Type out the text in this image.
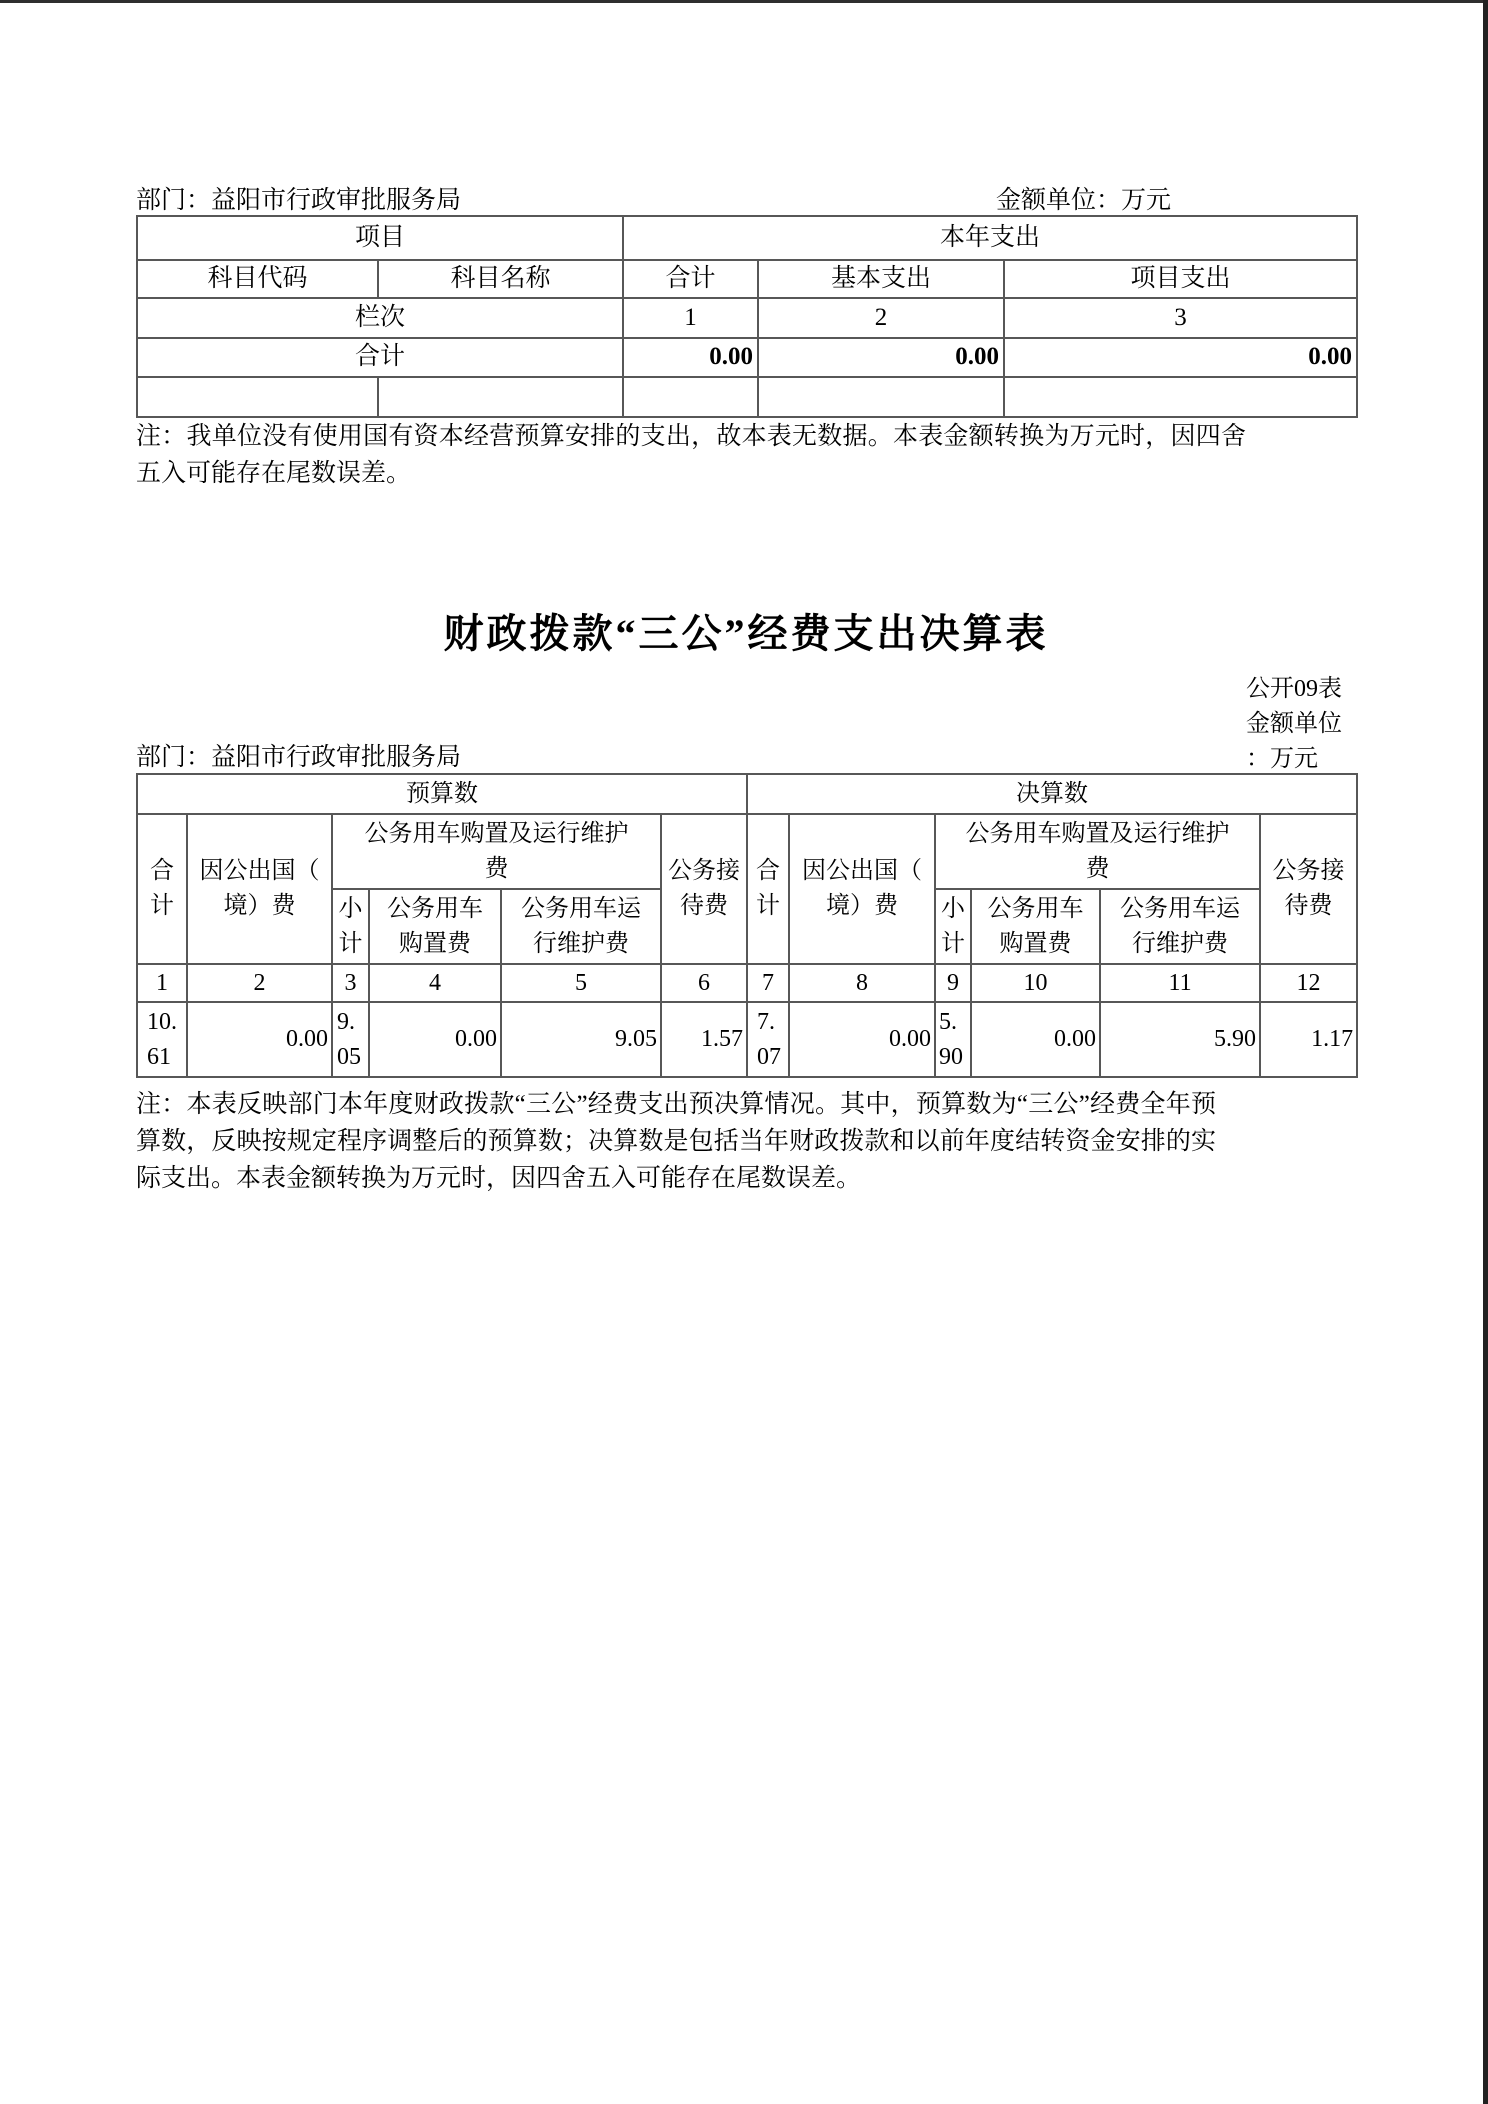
部门：益阳市行政审批服务局	金额单位：万元
项目		本年支出		
科目代码	科目名称	合计	基本支出	项目支出
栏次		1	2	3
合计		0.00	0.00	0.00

注：我单位没有使用国有资本经营预算安排的支出，故本表无数据。本表金额转换为万元时，因四舍五入可能存在尾数误差。
财政拨款“三公”经费支出决算表
公开09表
金额单位：万元
部门：益阳市行政审批服务局
预算数						决算数					
合计	因公出国（境）费	公务用车购置及运行维护费			公务接待费	合计	因公出国（境）费	公务用车购置及运行维护费			公务接待费
		小计	公务用车购置费	公务用车运行维护费				小计	公务用车购置费	公务用车运行维护费	
1	2	3	4	5	6	7	8	9	10	11	12
10.61	0.00	9.05	0.00	9.05	1.57	7.07	0.00	5.90	0.00	5.90	1.17
注：本表反映部门本年度财政拨款“三公”经费支出预决算情况。其中，预算数为“三公”经费全年预算数，反映按规定程序调整后的预算数；决算数是包括当年财政拨款和以前年度结转资金安排的实际支出。本表金额转换为万元时，因四舍五入可能存在尾数误差。
